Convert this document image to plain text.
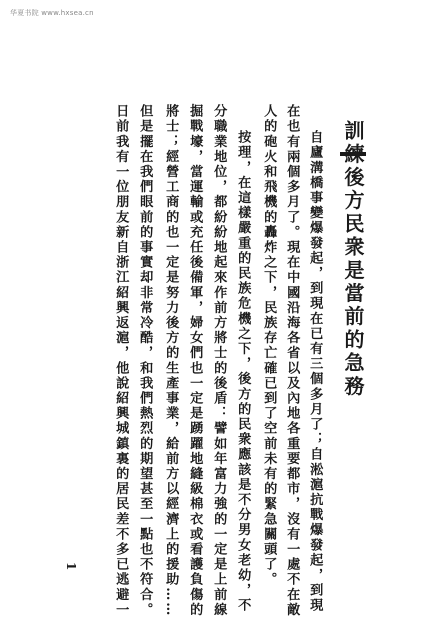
华夏书院 www.hxsea.cn
訓練後方民衆是當前的急務
自廬溝橋事變爆發起，到現在已有三個多月了；自淞滬抗戰爆發起，到現
在也有兩個多月了。現在中國沿海各省以及內地各重要都市，沒有一處不在敵
人的砲火和飛機的轟炸之下，民族存亡確已到了空前未有的緊急關頭了。
按理，在這樣嚴重的民族危機之下，後方的民衆應該是不分男女老幼，不
分職業地位，都紛紛地起來作前方將士的後盾：譬如年富力強的一定是上前線
掘戰壕，當運輸或充任後備軍，婦女們也一定是踴躍地縫級棉衣或看護負傷的
將士；經營工商的也一定是努力後方的生產事業，給前方以經濟上的援助……
但是擺在我們眼前的事實却非常冷酷，和我們熱烈的期望甚至一點也不符合。
日前我有一位朋友新自浙江紹興返滬，他說紹興城鎮裏的居民差不多已逃避一
1
